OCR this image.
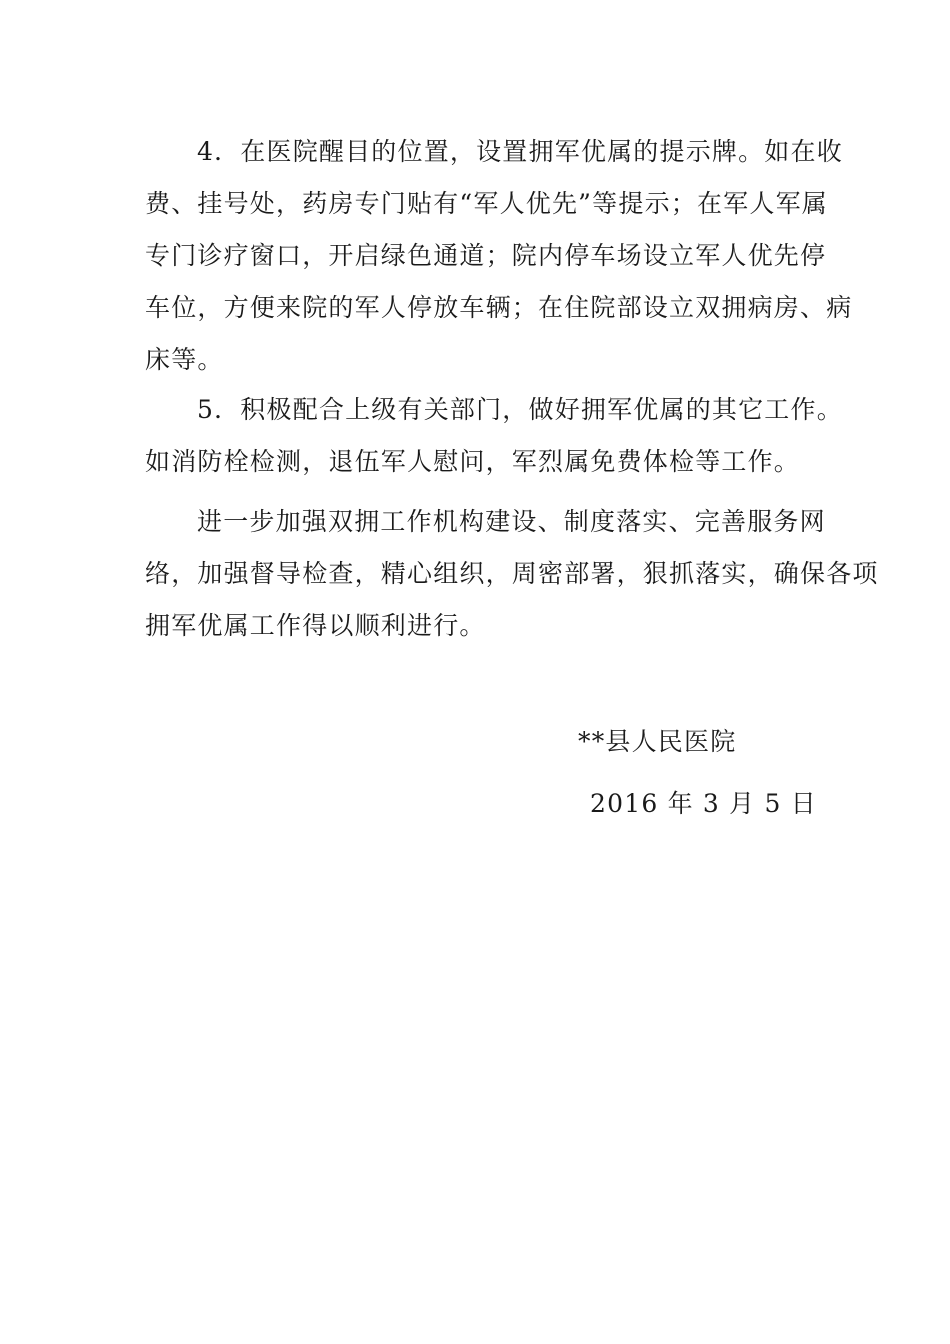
4．在医院醒目的位置，设置拥军优属的提示牌。如在收
费、挂号处，药房专门贴有“军人优先”等提示；在军人军属
专门诊疗窗口，开启绿色通道；院内停车场设立军人优先停
车位，方便来院的军人停放车辆；在住院部设立双拥病房、病
床等。
5．积极配合上级有关部门，做好拥军优属的其它工作。
如消防栓检测，退伍军人慰问，军烈属免费体检等工作。
进一步加强双拥工作机构建设、制度落实、完善服务网
络，加强督导检查，精心组织，周密部署，狠抓落实，确保各项
拥军优属工作得以顺利进行。
**县人民医院
2016 年 3 月 5 日
